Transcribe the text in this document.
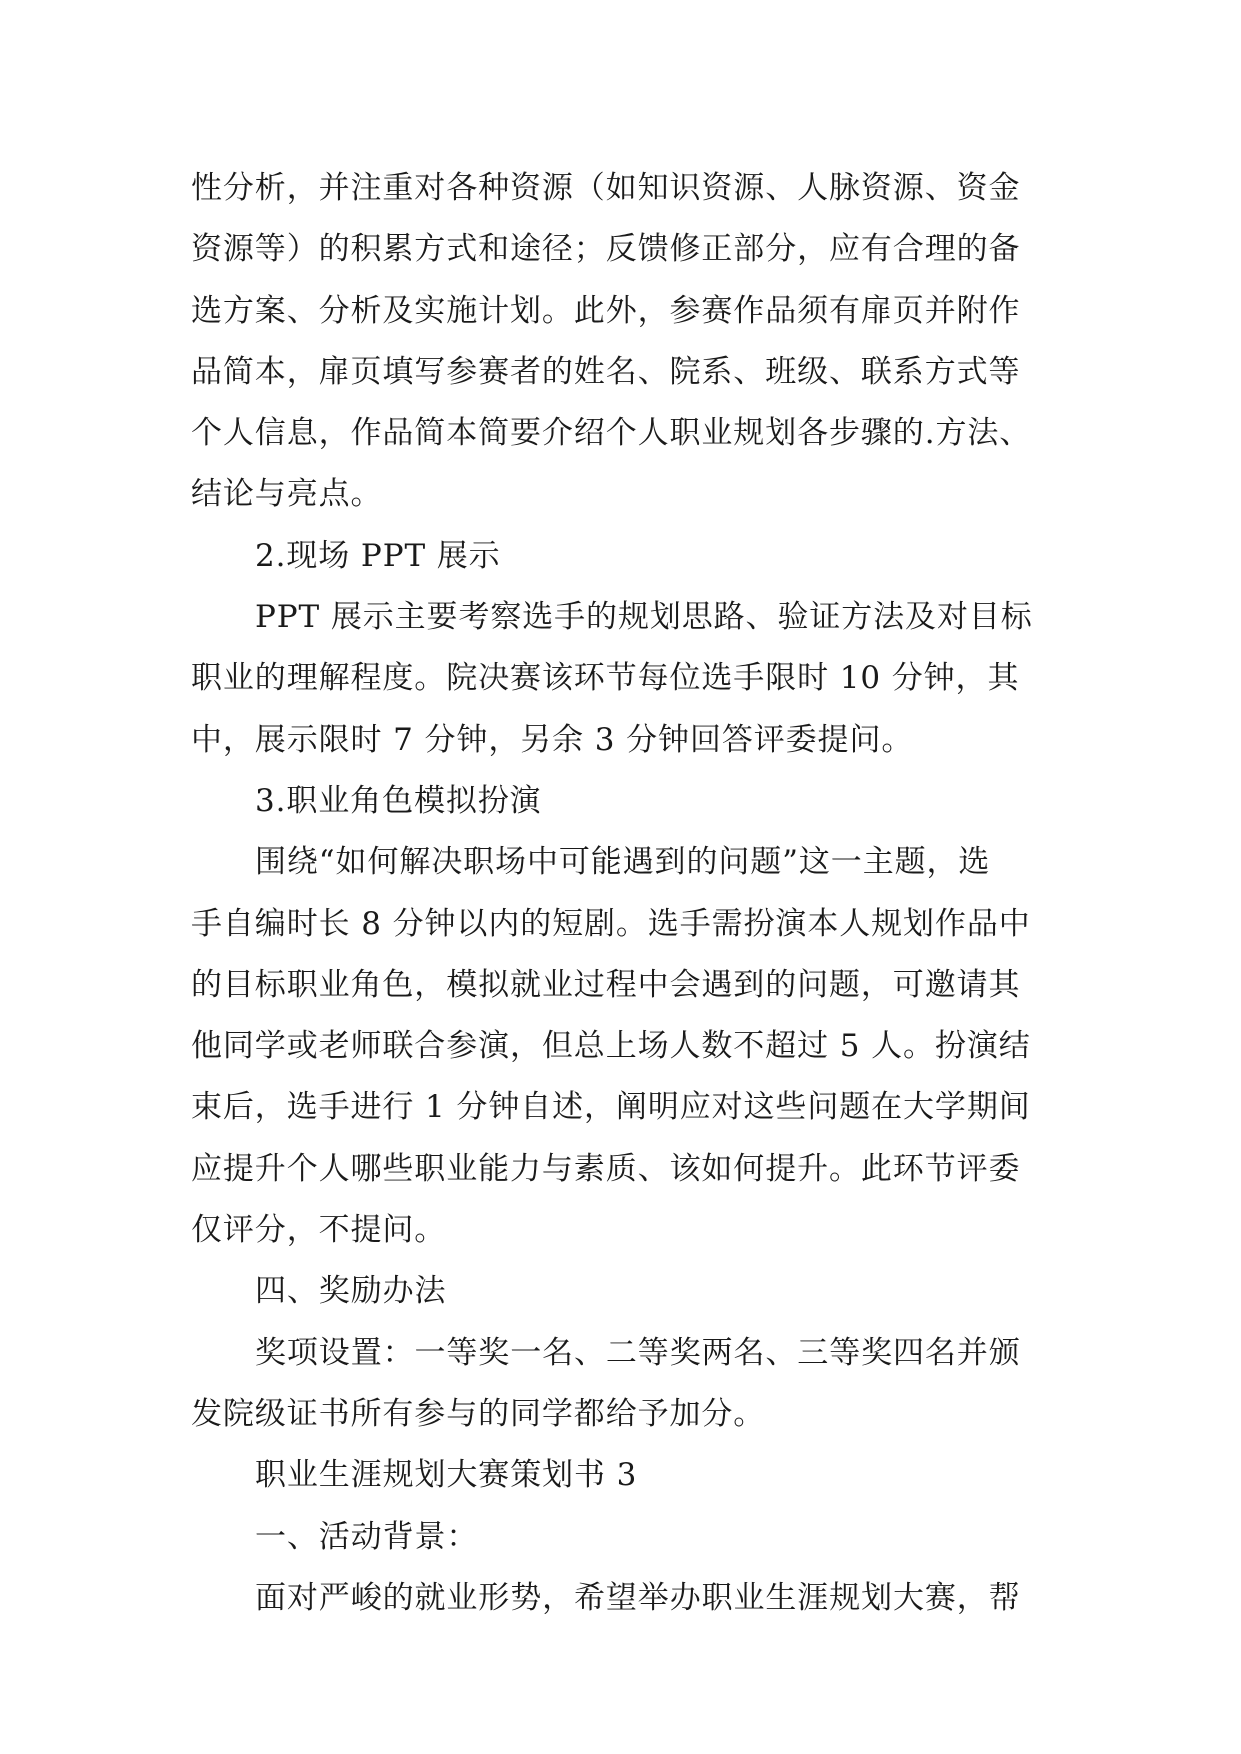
性分析，并注重对各种资源（如知识资源、人脉资源、资金
资源等）的积累方式和途径；反馈修正部分，应有合理的备
选方案、分析及实施计划。此外，参赛作品须有扉页并附作
品简本，扉页填写参赛者的姓名、院系、班级、联系方式等
个人信息，作品简本简要介绍个人职业规划各步骤的.方法、
结论与亮点。
2.现场 PPT 展示
PPT 展示主要考察选手的规划思路、验证方法及对目标
职业的理解程度。院决赛该环节每位选手限时 10 分钟，其
中，展示限时 7 分钟，另余 3 分钟回答评委提问。
3.职业角色模拟扮演
围绕“如何解决职场中可能遇到的问题”这一主题，选
手自编时长 8 分钟以内的短剧。选手需扮演本人规划作品中
的目标职业角色，模拟就业过程中会遇到的问题，可邀请其
他同学或老师联合参演，但总上场人数不超过 5 人。扮演结
束后，选手进行 1 分钟自述，阐明应对这些问题在大学期间
应提升个人哪些职业能力与素质、该如何提升。此环节评委
仅评分，不提问。
四、奖励办法
奖项设置：一等奖一名、二等奖两名、三等奖四名并颁
发院级证书所有参与的同学都给予加分。
职业生涯规划大赛策划书 3
一、活动背景：
面对严峻的就业形势，希望举办职业生涯规划大赛，帮
